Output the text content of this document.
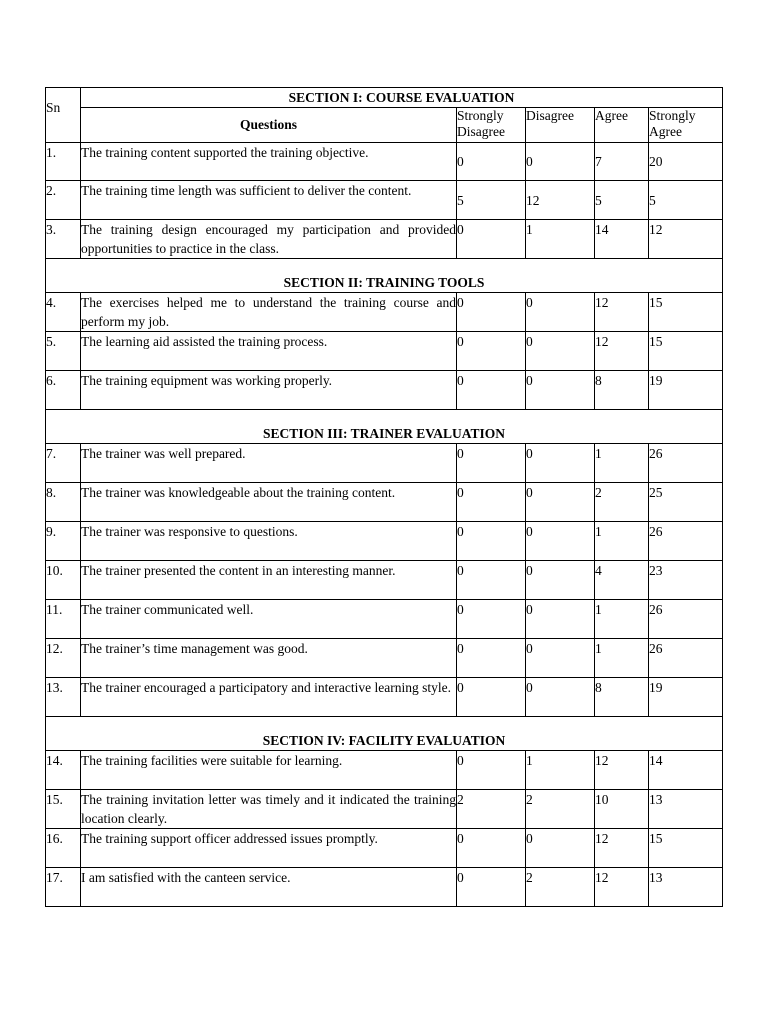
Sn	SECTION I: COURSE EVALUATION				
	Questions	Strongly Disagree	Disagree	Agree	Strongly Agree
1.	The training content supported the training objective.	0	0	7	20
2.	The training time length was sufficient to deliver the content.	5	12	5	5
3.	The training design encouraged my participation and provided opportunities to practice in the class.	0	1	14	12
SECTION II: TRAINING TOOLS					
4.	The exercises helped me to understand the training course and perform my job.	0	0	12	15
5.	The learning aid assisted the training process.	0	0	12	15
6.	The training equipment was working properly.	0	0	8	19
SECTION III: TRAINER EVALUATION					
7.	The trainer was well prepared.	0	0	1	26
8.	The trainer was knowledgeable about the training content.	0	0	2	25
9.	The trainer was responsive to questions.	0	0	1	26
10.	The trainer presented the content in an interesting manner.	0	0	4	23
11.	The trainer communicated well.	0	0	1	26
12.	The trainer’s time management was good.	0	0	1	26
13.	The trainer encouraged a participatory and interactive learning style.	0	0	8	19
SECTION IV: FACILITY EVALUATION					
14.	The training facilities were suitable for learning.	0	1	12	14
15.	The training invitation letter was timely and it indicated the training location clearly.	2	2	10	13
16.	The training support officer addressed issues promptly.	0	0	12	15
17.	I am satisfied with the canteen service.	0	2	12	13
